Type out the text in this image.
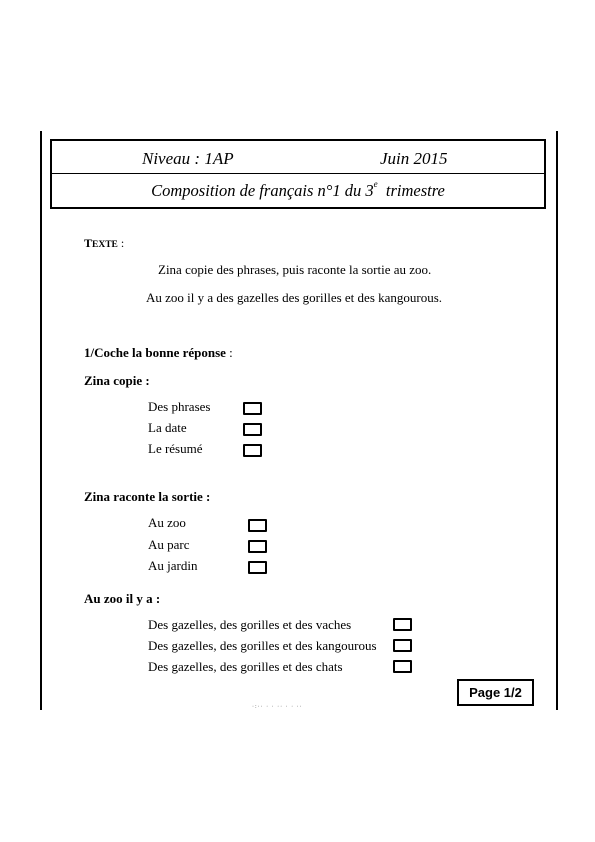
Niveau : 1AP	Juin 2015
Composition de français n°1 du 3e  trimestre
TEXTE :
Zina copie des phrases, puis raconte la sortie au zoo.
Au zoo il y a des gazelles des gorilles et des kangourous.
1/Coche la bonne réponse :
Zina copie :
Des phrases
La date
Le résumé
Zina raconte la sortie :
Au zoo
Au parc
Au jardin
Au zoo il y a :
Des gazelles, des gorilles et des vaches
Des gazelles, des gorilles et des kangourous
Des gazelles, des gorilles et des chats
Page 1/2
·:·· · · ·· · · ··
